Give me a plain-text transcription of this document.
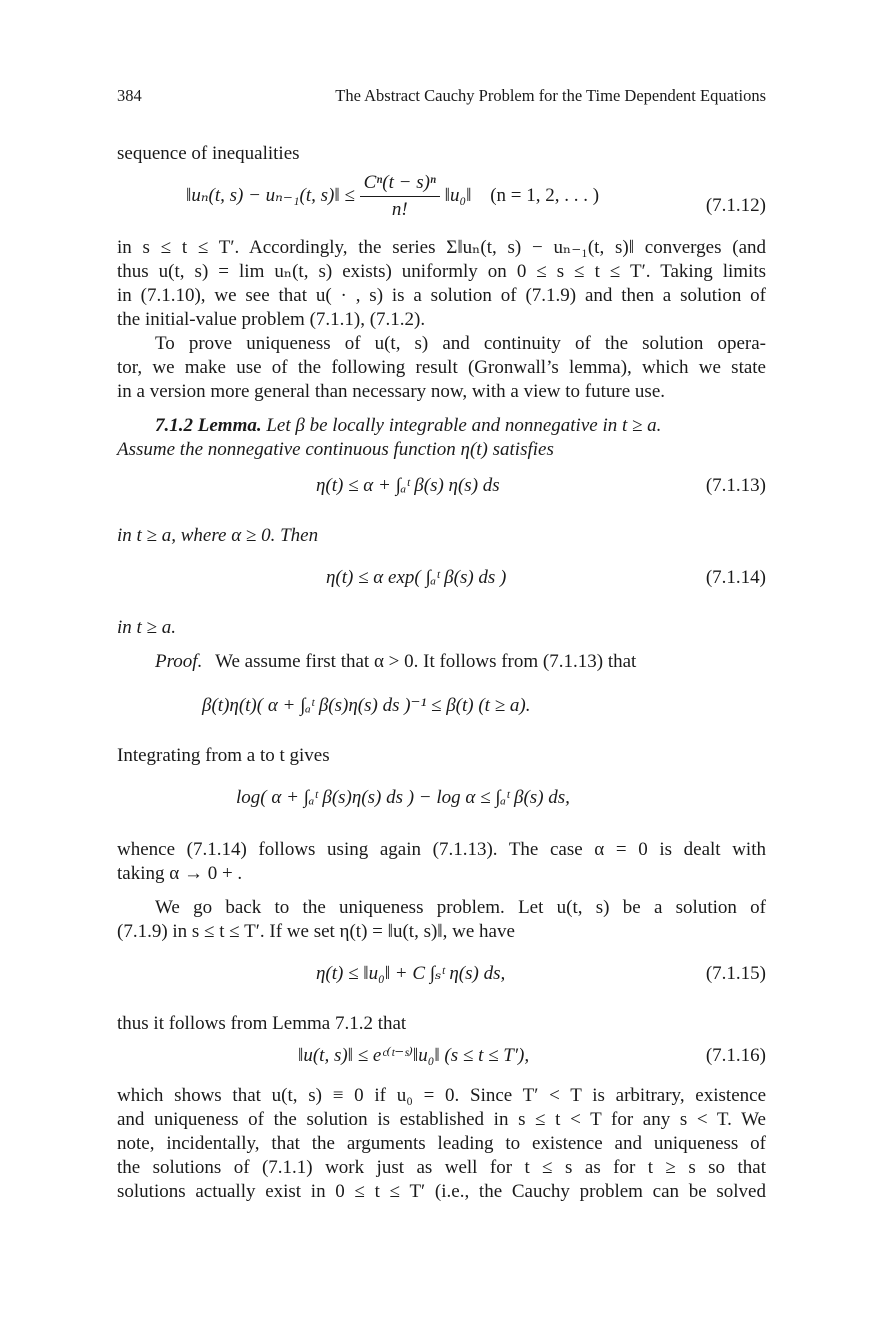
384	The Abstract Cauchy Problem for the Time Dependent Equations
sequence of inequalities
‖uₙ(t, s) − uₙ₋₁(t, s)‖ ≤ $\frac{\text{Cⁿ(t − s)ⁿ}}{n!}$ ‖u₀‖ (n = 1, 2, . . . )	(7.1.12)
in s ≤ t ≤ T′. Accordingly, the series Σ‖uₙ(t, s) − uₙ₋₁(t, s)‖ converges (and
thus u(t, s) = lim uₙ(t, s) exists) uniformly on 0 ≤ s ≤ t ≤ T′. Taking limits
in (7.1.10), we see that u( · , s) is a solution of (7.1.9) and then a solution of
the initial-value problem (7.1.1), (7.1.2).
To prove uniqueness of u(t, s) and continuity of the solution opera-
tor, we make use of the following result (Gronwall’s lemma), which we state
in a version more general than necessary now, with a view to future use.
7.1.2 Lemma. Let β be locally integrable and nonnegative in t ≥ a.
Assume the nonnegative continuous function η(t) satisfies
η(t) ≤ α + ∫ₐᵗ β(s) η(s) ds	(7.1.13)
in t ≥ a, where α ≥ 0. Then
η(t) ≤ α exp( ∫ₐᵗ β(s) ds )	(7.1.14)
in t ≥ a.
Proof. We assume first that α > 0. It follows from (7.1.13) that
β(t)η(t)( α + ∫ₐᵗ β(s)η(s) ds )⁻¹ ≤ β(t) (t ≥ a).
Integrating from a to t gives
log( α + ∫ₐᵗ β(s)η(s) ds ) − log α ≤ ∫ₐᵗ β(s) ds,
whence (7.1.14) follows using again (7.1.13). The case α = 0 is dealt with
taking α → 0 + .
We go back to the uniqueness problem. Let u(t, s) be a solution of
(7.1.9) in s ≤ t ≤ T′. If we set η(t) = ‖u(t, s)‖, we have
η(t) ≤ ‖u₀‖ + C ∫ₛᵗ η(s) ds,	(7.1.15)
thus it follows from Lemma 7.1.2 that
‖u(t, s)‖ ≤ eᶜ⁽ᵗ⁻ˢ⁾‖u₀‖ (s ≤ t ≤ T′),	(7.1.16)
which shows that u(t, s) ≡ 0 if u₀ = 0. Since T′ < T is arbitrary, existence
and uniqueness of the solution is established in s ≤ t < T for any s < T. We
note, incidentally, that the arguments leading to existence and uniqueness of
the solutions of (7.1.1) work just as well for t ≤ s as for t ≥ s so that
solutions actually exist in 0 ≤ t ≤ T′ (i.e., the Cauchy problem can be solved
